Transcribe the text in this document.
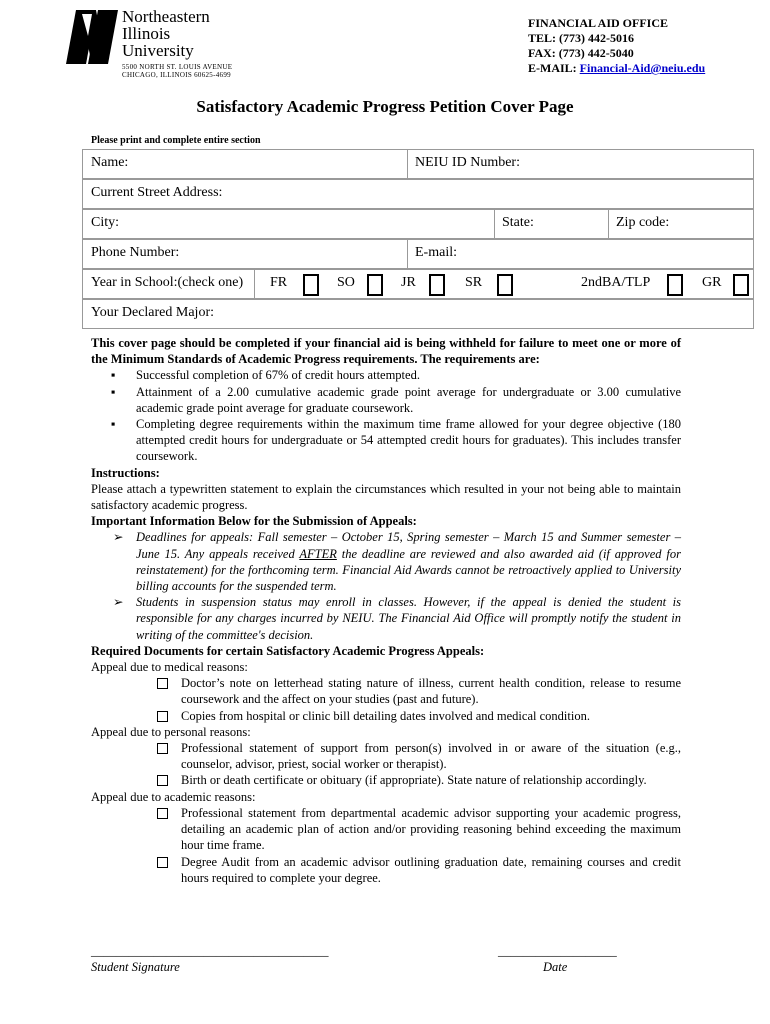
Northeastern
Illinois
University
5500 NORTH ST. LOUIS AVENUE
CHICAGO, ILLINOIS 60625-4699
FINANCIAL AID OFFICE
TEL: (773) 442-5016
FAX: (773) 442-5040
E-MAIL: Financial-Aid@neiu.edu
Satisfactory Academic Progress Petition Cover Page
Please print and complete entire section
Name:	NEIU ID Number:
Current Street Address:
City:	State:	Zip code:
Phone Number:	E-mail:
Year in School:(check one) FR	SO	JR	SR	2ndBA/TLP	GR
Your Declared Major:
This cover page should be completed if your financial aid is being withheld for failure to meet one or more of the Minimum Standards of Academic Progress requirements. The requirements are:
▪ Successful completion of 67% of credit hours attempted.
▪ Attainment of a 2.00 cumulative academic grade point average for undergraduate or 3.00 cumulative academic grade point average for graduate coursework.
▪ Completing degree requirements within the maximum time frame allowed for your degree objective (180 attempted credit hours for undergraduate or 54 attempted credit hours for graduates). This includes transfer coursework.
Instructions:
Please attach a typewritten statement to explain the circumstances which resulted in your not being able to maintain satisfactory academic progress.
Important Information Below for the Submission of Appeals:
➢ Deadlines for appeals: Fall semester – October 15, Spring semester – March 15 and Summer semester – June 15. Any appeals received AFTER the deadline are reviewed and also awarded aid (if approved for reinstatement) for the forthcoming term. Financial Aid Awards cannot be retroactively applied to University billing accounts for the suspended term.
➢ Students in suspension status may enroll in classes. However, if the appeal is denied the student is responsible for any charges incurred by NEIU. The Financial Aid Office will promptly notify the student in writing of the committee's decision.
Required Documents for certain Satisfactory Academic Progress Appeals:
Appeal due to medical reasons:
Doctor’s note on letterhead stating nature of illness, current health condition, release to resume coursework and the affect on your studies (past and future).
Copies from hospital or clinic bill detailing dates involved and medical condition.
Appeal due to personal reasons:
Professional statement of support from person(s) involved in or aware of the situation (e.g., counselor, advisor, priest, social worker or therapist).
Birth or death certificate or obituary (if appropriate). State nature of relationship accordingly.
Appeal due to academic reasons:
Professional statement from departmental academic advisor supporting your academic progress, detailing an academic plan of action and/or providing reasoning behind exceeding the maximum hour time frame.
Degree Audit from an academic advisor outlining graduation date, remaining courses and credit hours required to complete your degree.
______________________________________	___________________
Student Signature	Date
